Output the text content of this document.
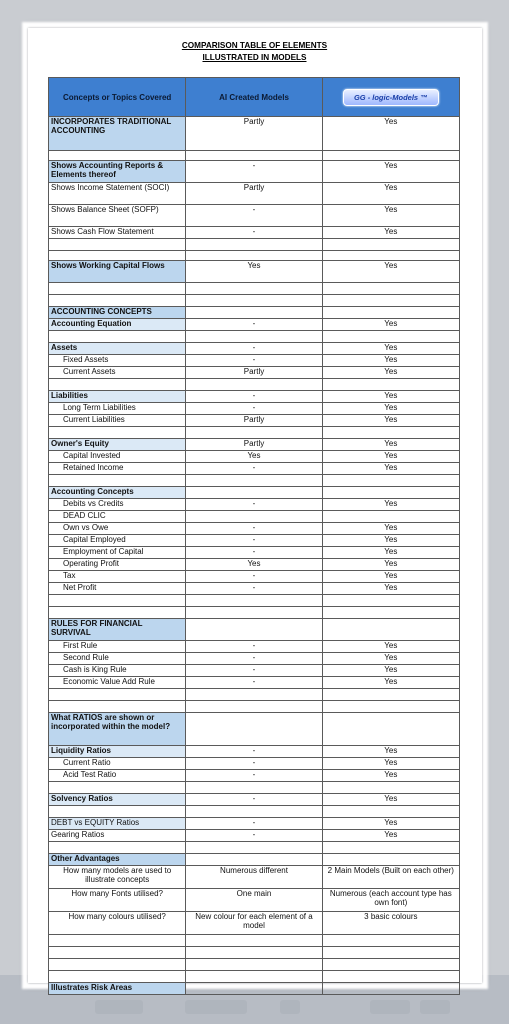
COMPARISON TABLE OF ELEMENTS
ILLUSTRATED IN MODELS
Concepts or Topics Covered	AI Created Models	GG - logic-Models ™
INCORPORATES TRADITIONAL ACCOUNTING	Partly	Yes

Shows Accounting Reports & Elements thereof	-	Yes
Shows Income Statement (SOCI)	Partly	Yes
Shows Balance Sheet (SOFP)	-	Yes
Shows Cash Flow Statement	-	Yes

Shows Working Capital Flows	Yes	Yes

ACCOUNTING CONCEPTS		
Accounting Equation	-	Yes

Assets	-	Yes
Fixed Assets	-	Yes
Current Assets	Partly	Yes

Liabilities	-	Yes
Long Term Liabilities	-	Yes
Current Liabilities	Partly	Yes

Owner's Equity	Partly	Yes
Capital Invested	Yes	Yes
Retained Income	-	Yes

Accounting Concepts		
Debits vs Credits	-	Yes
DEAD CLIC		
Own vs Owe	-	Yes
Capital Employed	-	Yes
Employment of Capital	-	Yes
Operating Profit	Yes	Yes
Tax	-	Yes
Net Profit	-	Yes

RULES FOR FINANCIAL SURVIVAL		
First Rule	-	Yes
Second Rule	-	Yes
Cash is King Rule	-	Yes
Economic Value Add Rule	-	Yes

What RATIOS are shown or incorporated within the model?		
Liquidity Ratios	-	Yes
Current Ratio	-	Yes
Acid Test Ratio	-	Yes

Solvency Ratios	-	Yes

DEBT vs EQUITY Ratios	-	Yes
Gearing Ratios	-	Yes

Other Advantages		
How many models are used to illustrate concepts	Numerous different	2 Main Models (Built on each other)
How many Fonts utilised?	One main	Numerous (each account type has own font)
How many colours utilised?	New colour for each element of a model	3 basic colours

Illustrates Risk Areas		
